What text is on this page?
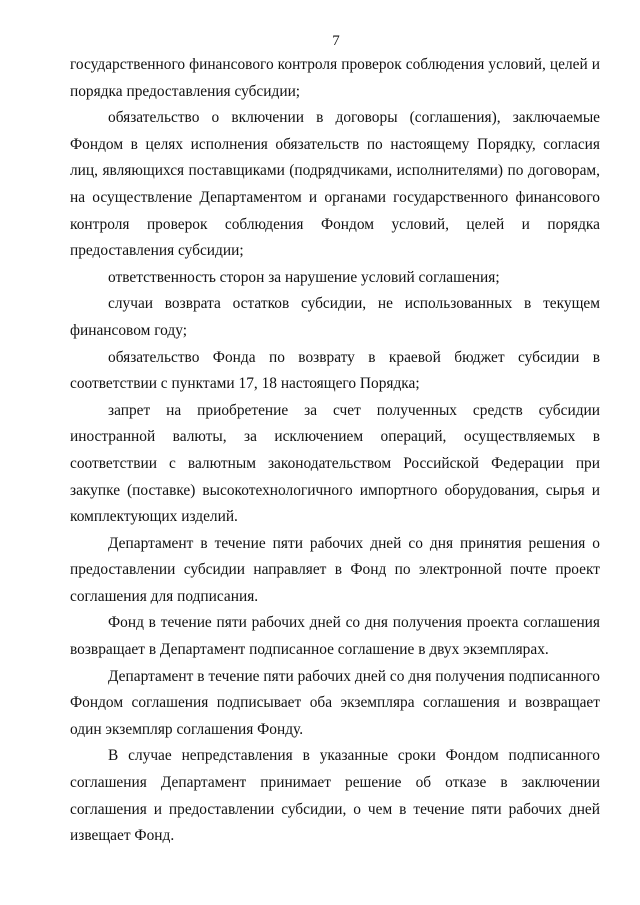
7

государственного финансового контроля проверок соблюдения условий, целей и порядка предоставления субсидии;

обязательство о включении в договоры (соглашения), заключаемые Фондом в целях исполнения обязательств по настоящему Порядку, согласия лиц, являющихся поставщиками (подрядчиками, исполнителями) по договорам, на осуществление Департаментом и органами государственного финансового контроля проверок соблюдения Фондом условий, целей и порядка предоставления субсидии;

ответственность сторон за нарушение условий соглашения;

случаи возврата остатков субсидии, не использованных в текущем финансовом году;

обязательство Фонда по возврату в краевой бюджет субсидии в соответствии с пунктами 17, 18 настоящего Порядка;

запрет на приобретение за счет полученных средств субсидии иностранной валюты, за исключением операций, осуществляемых в соответствии с валютным законодательством Российской Федерации при закупке (поставке) высокотехнологичного импортного оборудования, сырья и комплектующих изделий.

Департамент в течение пяти рабочих дней со дня принятия решения о предоставлении субсидии направляет в Фонд по электронной почте проект соглашения для подписания.

Фонд в течение пяти рабочих дней со дня получения проекта соглашения возвращает в Департамент подписанное соглашение в двух экземплярах.

Департамент в течение пяти рабочих дней со дня получения подписанного Фондом соглашения подписывает оба экземпляра соглашения и возвращает один экземпляр соглашения Фонду.

В случае непредставления в указанные сроки Фондом подписанного соглашения Департамент принимает решение об отказе в заключении соглашения и предоставлении субсидии, о чем в течение пяти рабочих дней извещает Фонд.
